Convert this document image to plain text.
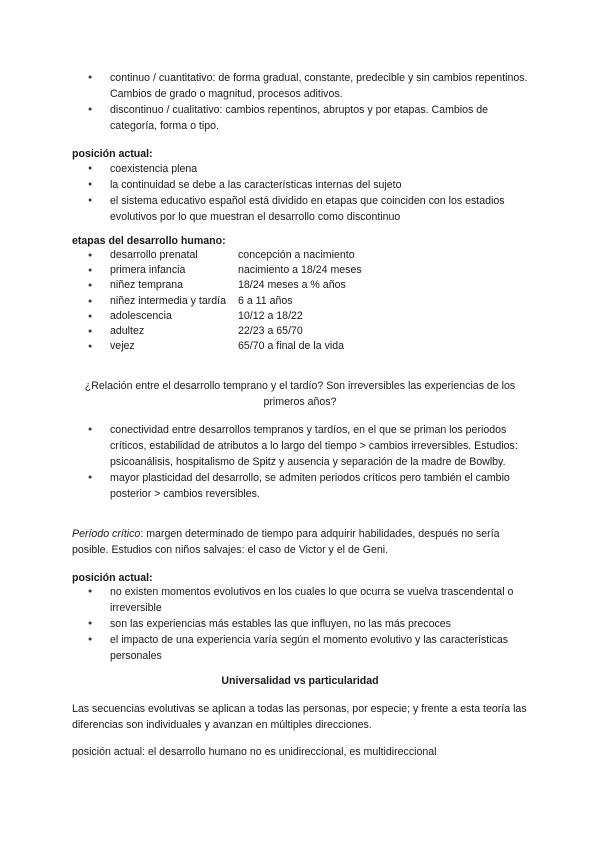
● continuo / cuantitativo: de forma gradual, constante, predecible y sin cambios repentinos. Cambios de grado o magnitud, procesos aditivos.
● discontinuo / cualitativo: cambios repentinos, abruptos y por etapas. Cambios de categoría, forma o tipo.
posición actual:
● coexistencia plena
● la continuidad se debe a las características internas del sujeto
● el sistema educativo español está dividido en etapas que coinciden con los estadios evolutivos por lo que muestran el desarrollo como discontinuo
etapas del desarrollo humano:
● desarrollo prenatal	concepción a nacimiento
● primera infancia	nacimiento a 18/24 meses
● niñez temprana	18/24 meses a % años
● niñez intermedia y tardía	6 a 11 años
● adolescencia	10/12 a 18/22
● adultez	22/23 a 65/70
● vejez	65/70 a final de la vida
¿Relación entre el desarrollo temprano y el tardío? Son irreversibles las experiencias de los primeros años?
● conectividad entre desarrollos tempranos y tardíos, en el que se priman los periodos críticos, estabilidad de atributos a lo largo del tiempo > cambios irreversibles. Estudios: psicoanálisis, hospitalismo de Spitz y ausencia y separación de la madre de Bowlby.
● mayor plasticidad del desarrollo, se admiten periodos críticos pero también el cambio posterior > cambios reversibles.
Período crítico: margen determinado de tiempo para adquirir habilidades, después no sería posible. Estudios con niños salvajes: el caso de Victor y el de Geni.
posición actual:
● no existen momentos evolutivos en los cuales lo que ocurra se vuelva trascendental o irreversible
● son las experiencias más estables las que influyen, no las más precoces
● el impacto de una experiencia varía según el momento evolutivo y las características personales
Universalidad vs particularidad
Las secuencias evolutivas se aplican a todas las personas, por especie; y frente a esta teoría las diferencias son individuales y avanzan en múltiples direcciones.
posición actual: el desarrollo humano no es unidireccional, es multidireccional
